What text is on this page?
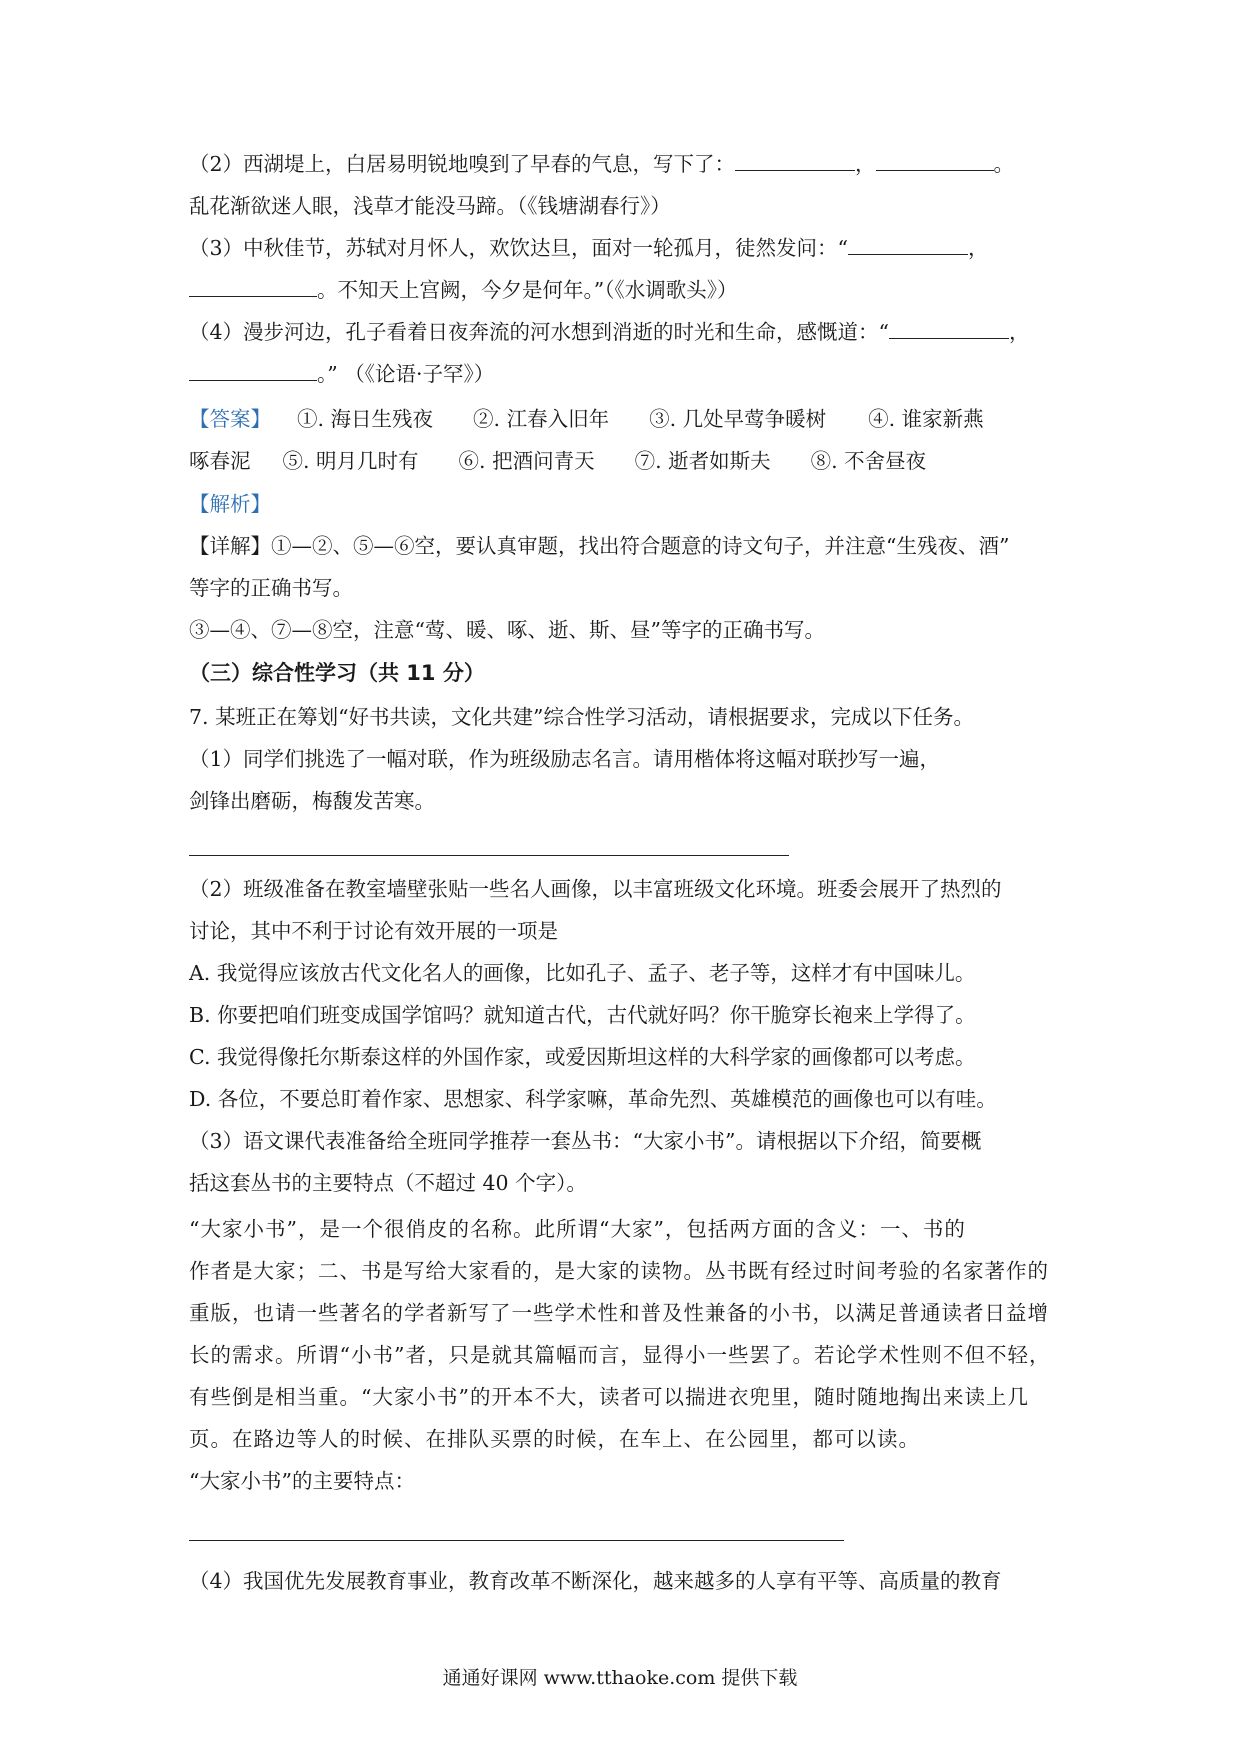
（2）西湖堤上，白居易明锐地嗅到了早春的气息，写下了：	，	。
乱花渐欲迷人眼，浅草才能没马蹄。（《钱塘湖春行》）
（3）中秋佳节，苏轼对月怀人，欢饮达旦，面对一轮孤月，徒然发问：“	，
。不知天上宫阙，今夕是何年。”（《水调歌头》）
（4）漫步河边，孔子看着日夜奔流的河水想到消逝的时光和生命，感慨道：“	，
。” （《论语·子罕》）
【答案】 ①. 海日生残夜 ②. 江春入旧年 ③. 几处早莺争暖树 ④. 谁家新燕
啄春泥 ⑤. 明月几时有 ⑥. 把酒问青天 ⑦. 逝者如斯夫 ⑧. 不舍昼夜
【解析】
【详解】①—②、⑤—⑥空，要认真审题，找出符合题意的诗文句子，并注意“生残夜、酒”
等字的正确书写。
③—④、⑦—⑧空，注意“莺、暖、啄、逝、斯、昼”等字的正确书写。
（三）综合性学习（共 11 分）
7. 某班正在筹划“好书共读，文化共建”综合性学习活动，请根据要求，完成以下任务。
（1）同学们挑选了一幅对联，作为班级励志名言。请用楷体将这幅对联抄写一遍，
剑锋出磨砺，梅馥发苦寒。
（2）班级准备在教室墙壁张贴一些名人画像，以丰富班级文化环境。班委会展开了热烈的
讨论，其中不利于讨论有效开展的一项是
A. 我觉得应该放古代文化名人的画像，比如孔子、孟子、老子等，这样才有中国味儿。
B. 你要把咱们班变成国学馆吗？就知道古代，古代就好吗？你干脆穿长袍来上学得了。
C. 我觉得像托尔斯泰这样的外国作家，或爱因斯坦这样的大科学家的画像都可以考虑。
D. 各位，不要总盯着作家、思想家、科学家嘛，革命先烈、英雄模范的画像也可以有哇。
（3）语文课代表准备给全班同学推荐一套丛书：“大家小书”。请根据以下介绍，简要概
括这套丛书的主要特点（不超过 40 个字）。
“大家小书”，是一个很俏皮的名称。此所谓“大家”，包括两方面的含义：一、书的
作者是大家；二、书是写给大家看的，是大家的读物。丛书既有经过时间考验的名家著作的
重版，也请一些著名的学者新写了一些学术性和普及性兼备的小书，以满足普通读者日益增
长的需求。所谓“小书”者，只是就其篇幅而言，显得小一些罢了。若论学术性则不但不轻，
有些倒是相当重。“大家小书”的开本不大，读者可以揣进衣兜里，随时随地掏出来读上几
页。在路边等人的时候、在排队买票的时候，在车上、在公园里，都可以读。
“大家小书”的主要特点：
（4）我国优先发展教育事业，教育改革不断深化，越来越多的人享有平等、高质量的教育
通通好课网 www.tthaoke.com 提供下载
